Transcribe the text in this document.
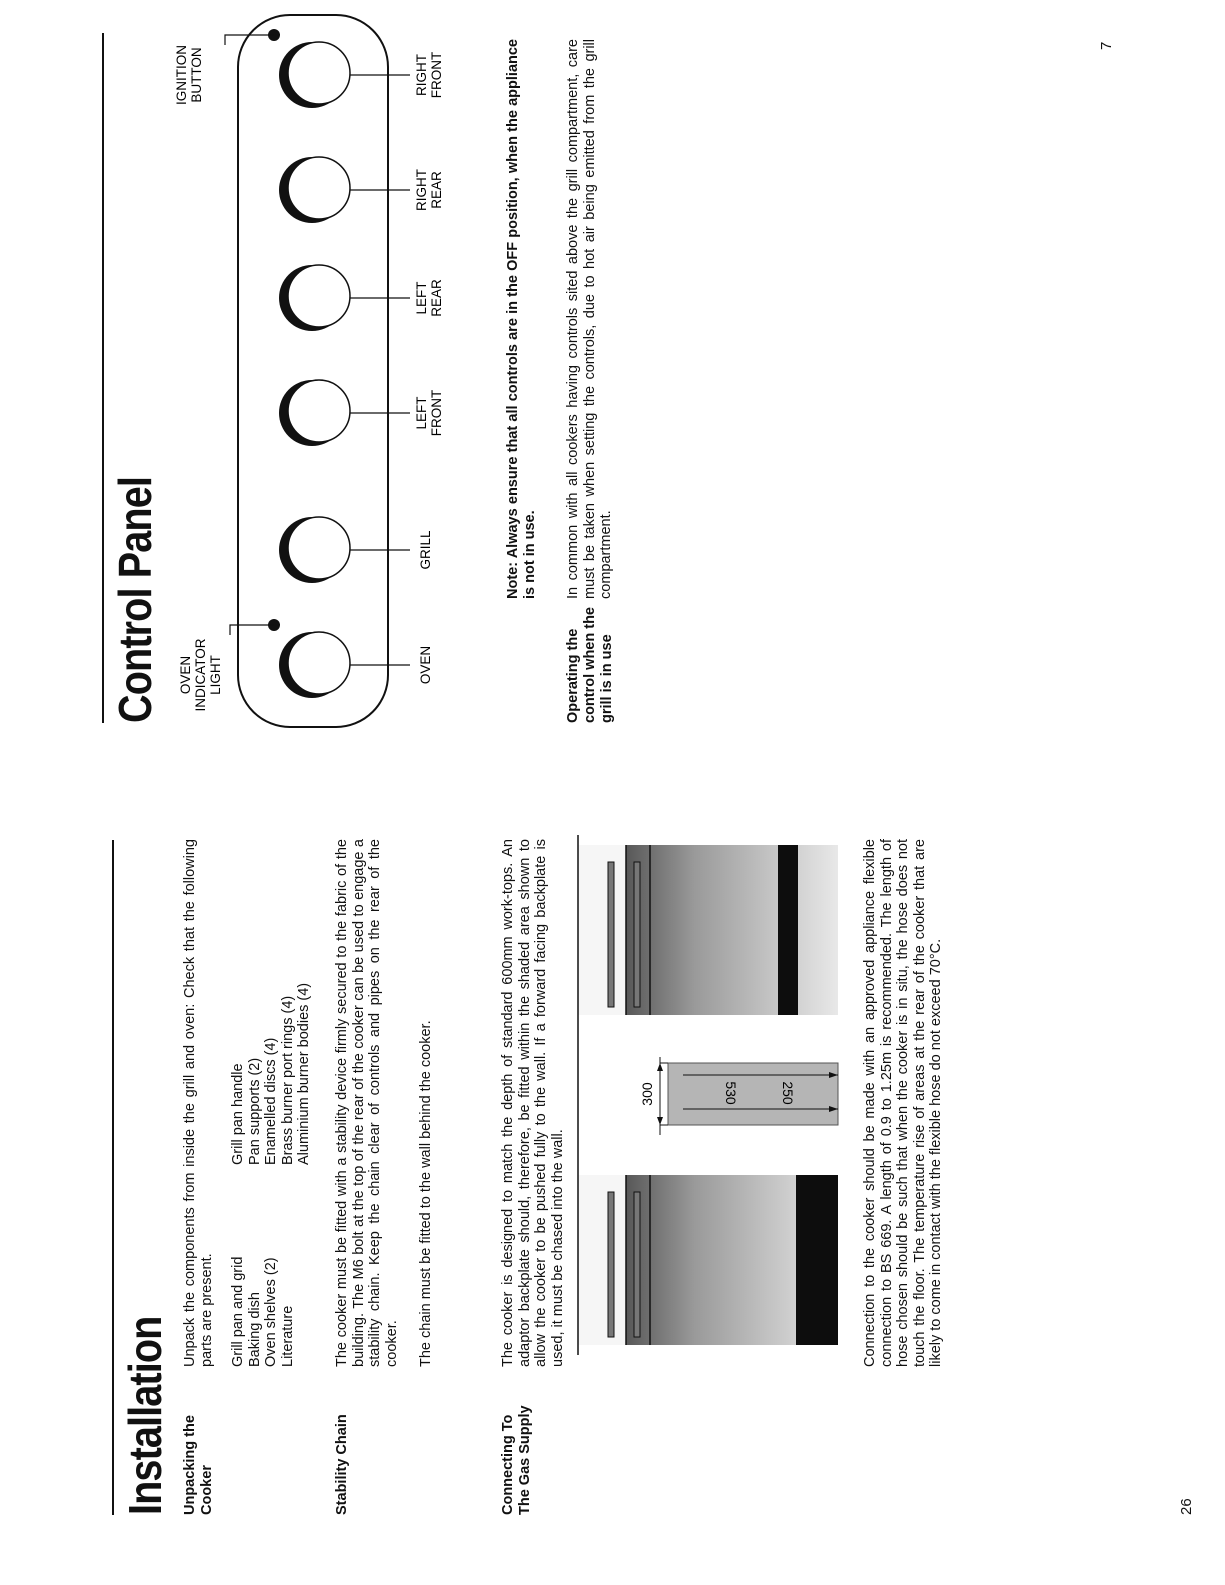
Installation Unpacking the Cooker

Unpack the components from inside the grill and oven: Check that the following parts are present. Grill pan and grid Baking dish Oven shelves (2) Literature
Grill pan handle Pan supports (2) Enamelled discs (4) Brass burner port rings (4) Aluminium burner bodies (4)
Stability Chain

The cooker must be fitted with a stability device firmly secured to the fabric of the building. The M6 bolt at the top of the rear of the cooker can be used to engage a stability chain. Keep the chain clear of controls and pipes on the rear of the cooker. The chain must be fitted to the wall behind the cooker.

Connecting To The Gas Supply

The cooker is designed to match the depth of standard 600mm work-tops. An adaptor backplate should, therefore, be fitted within the shaded area shown to allow the cooker to be pushed fully to the wall. If a forward facing backplate is used, it must be chased into the wall.

300	530	250	Connection to the cooker should be made with an approved appliance flexible connection to BS 669. A length of 0.9 to 1.25m is recommended. The length of hose chosen should be such that when the cooker is in situ, the hose does not touch the floor. The temperature rise of areas at the rear of the cooker that are likely to come in contact with the flexible hose do not exceed 70°C.

26
Control Panel OVEN INDICATOR LIGHT
IGNITION BUTTON
OVEN
GRILL
LEFT FRONT
LEFT REAR
RIGHT REAR
RIGHT FRONT	Note: Always ensure that all controls are in the OFF position, when the appliance is not in use.

Operating the control when the grill is in use

In common with all cookers having controls sited above the grill compartment, care must be taken when setting the controls, due to hot air being emitted from the grill compartment.

7
